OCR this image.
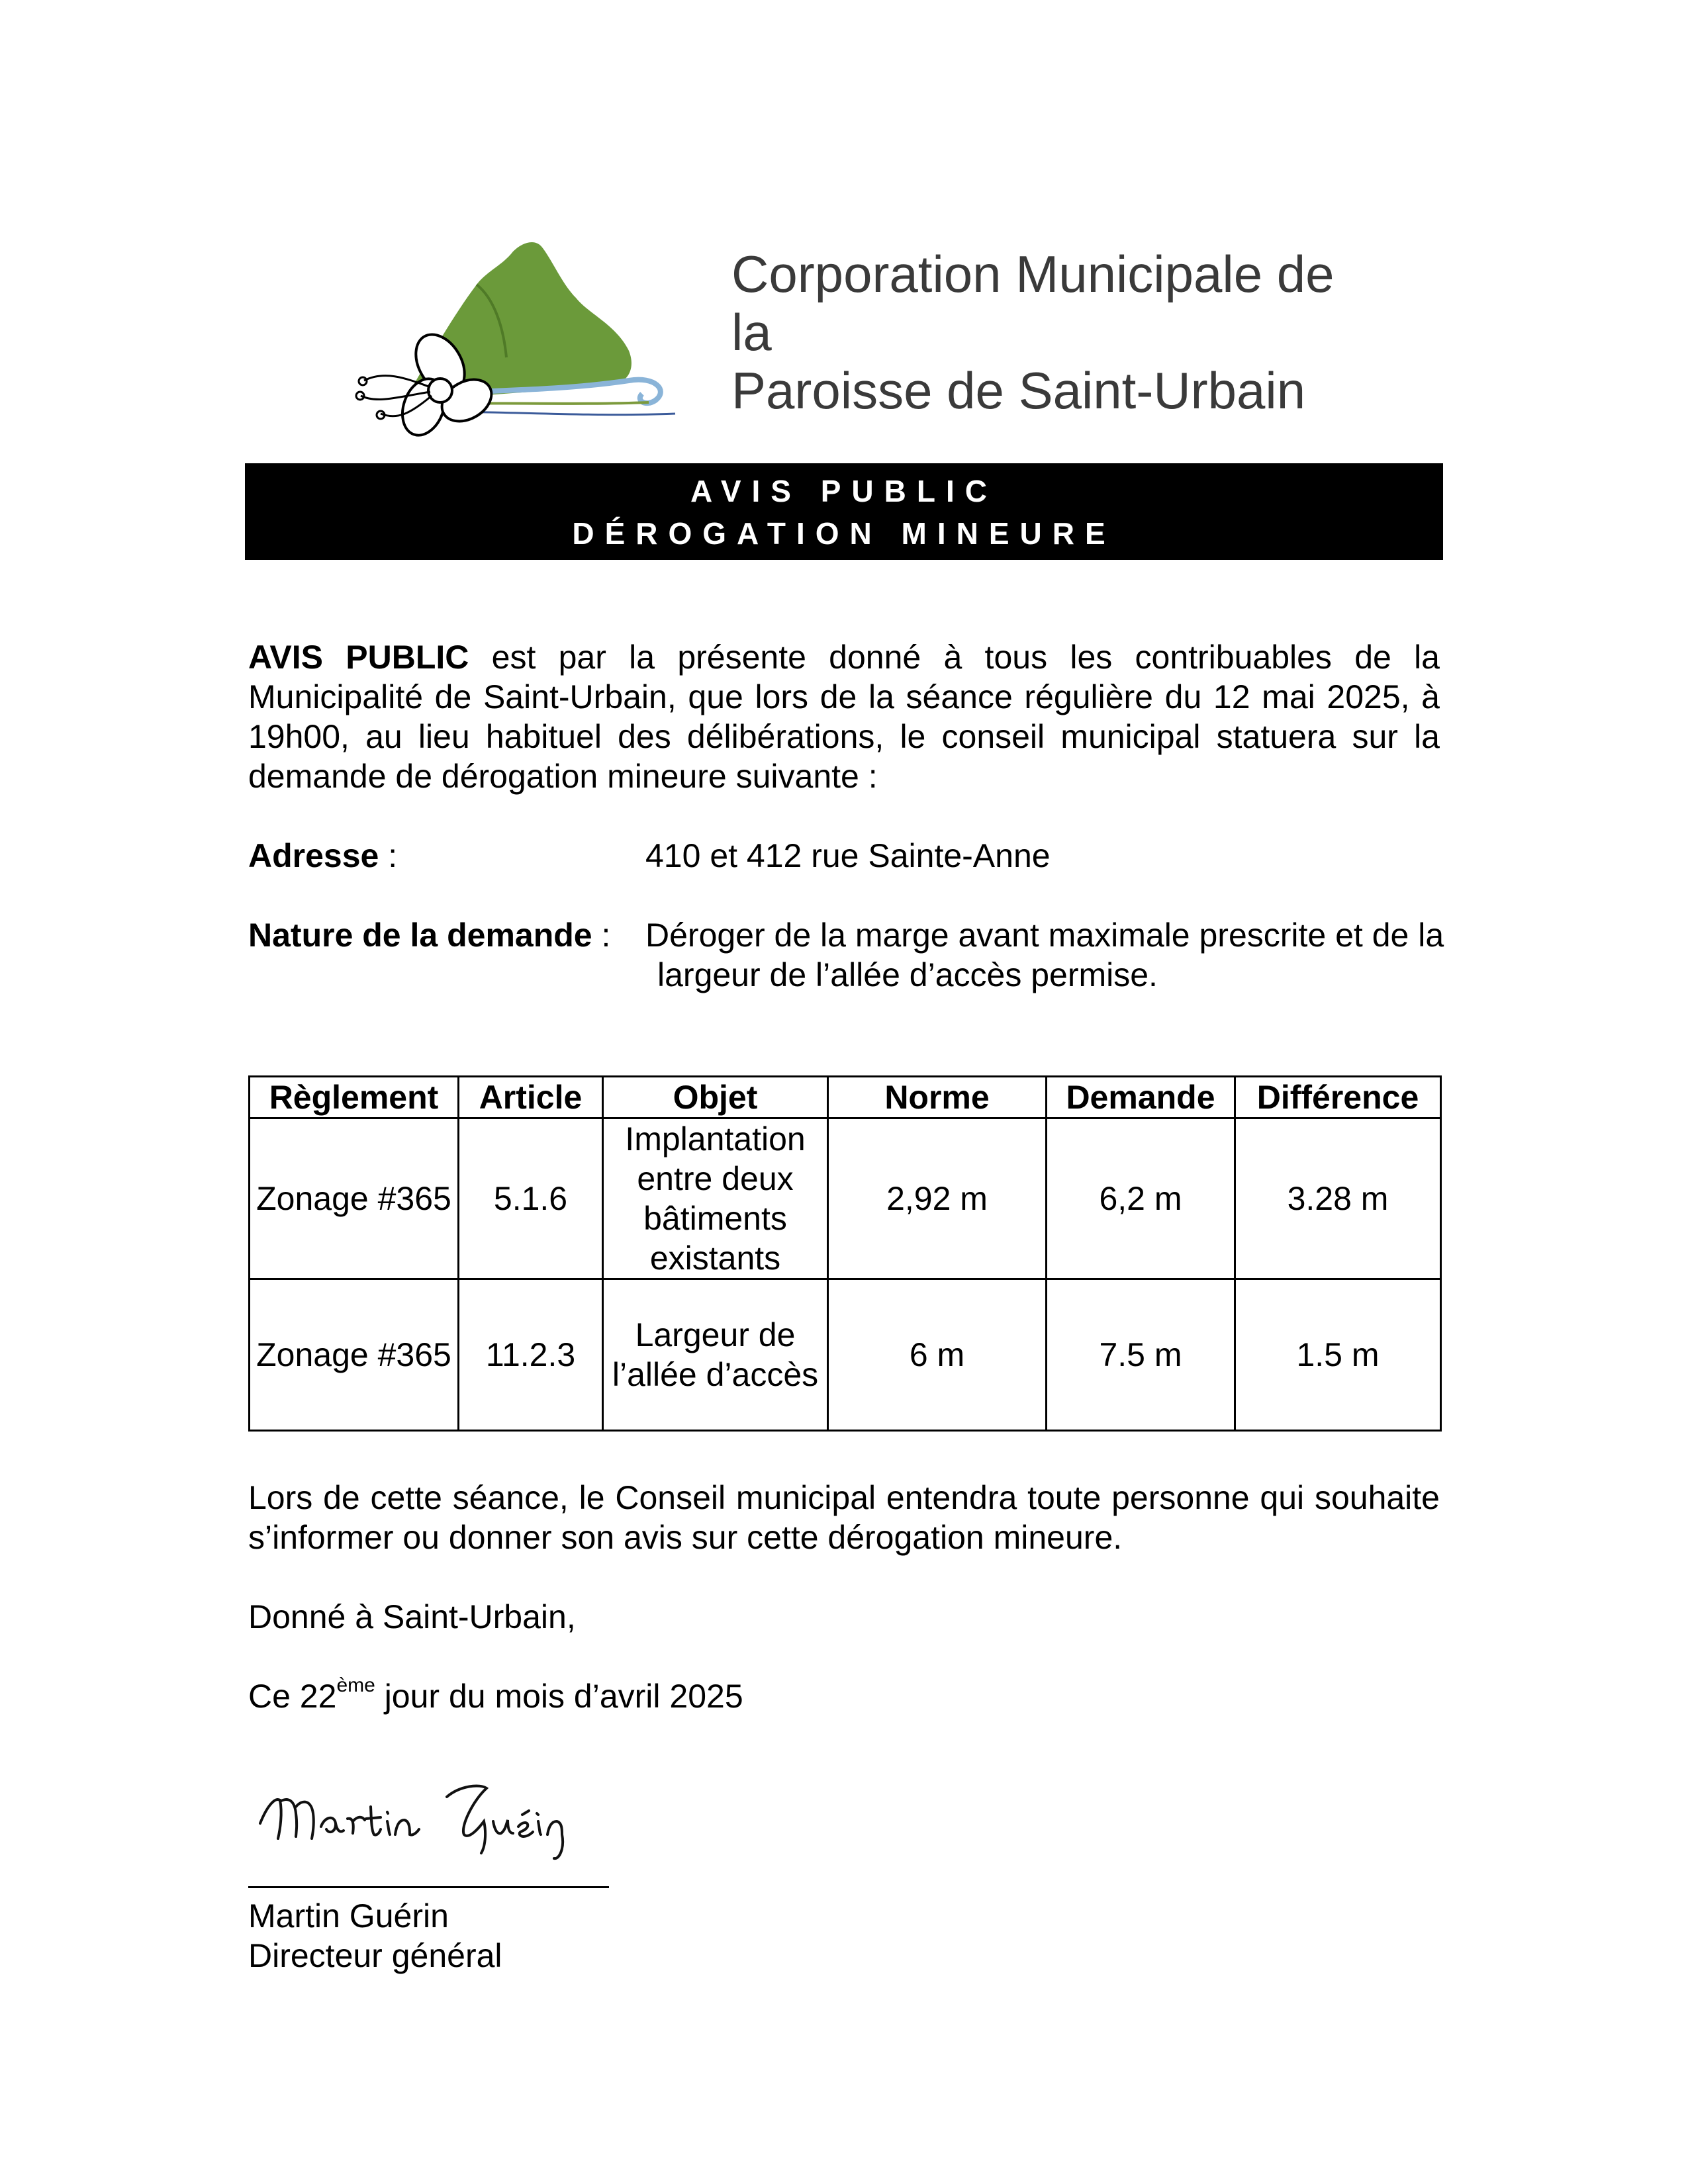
Corporation Municipale de la
Paroisse de Saint-Urbain
AVIS PUBLIC
DÉROGATION MINEURE
AVIS PUBLIC est par la présente donné à tous les contribuables de la Municipalité de Saint-Urbain, que lors de la séance régulière du 12 mai 2025, à 19h00, au lieu habituel des délibérations, le conseil municipal statuera sur la demande de dérogation mineure suivante :
Adresse :	410 et 412 rue Sainte-Anne
Nature de la demande : Déroger de la marge avant maximale prescrite et de la
largeur de l’allée d’accès permise.
Règlement	Article	Objet	Norme	Demande	Différence
Zonage #365	5.1.6	Implantation entre deux bâtiments existants	2,92 m	6,2 m	3.28 m
Zonage #365	11.2.3	Largeur de l’allée d’accès	6 m	7.5 m	1.5 m
Lors de cette séance, le Conseil municipal entendra toute personne qui souhaite s’informer ou donner son avis sur cette dérogation mineure.
Donné à Saint-Urbain,
Ce 22ème jour du mois d’avril 2025
Martin Guérin
Directeur général
